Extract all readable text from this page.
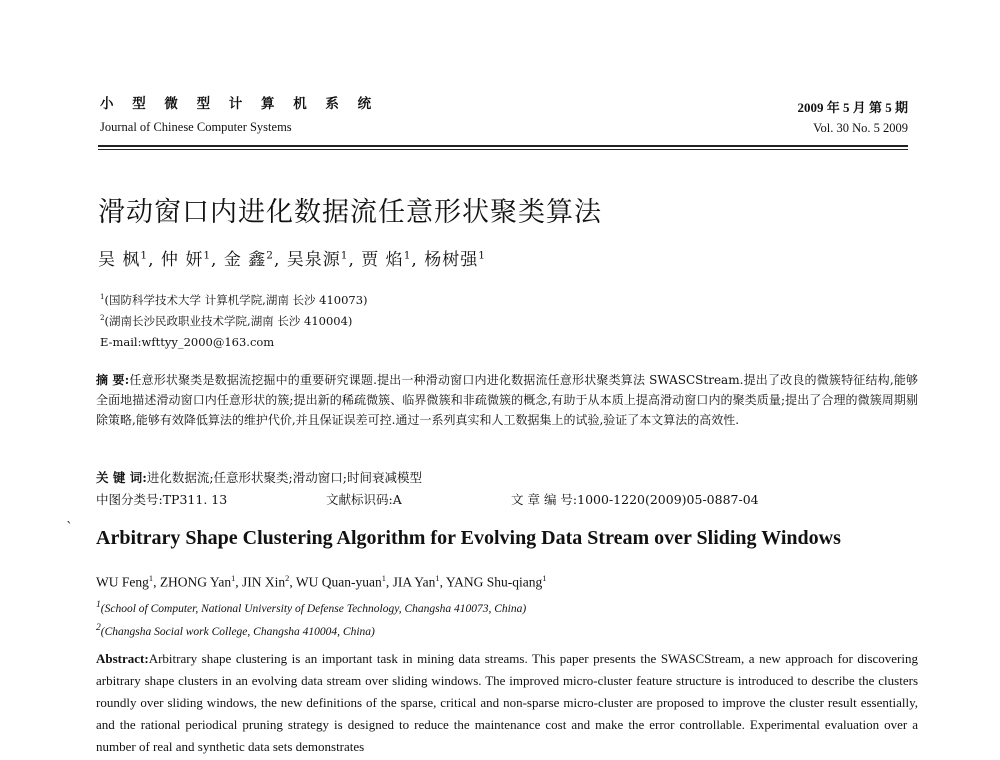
小 型 微 型 计 算 机 系 统
Journal of Chinese Computer Systems
2009 年 5 月 第 5 期
Vol. 30 No. 5 2009
滑动窗口内进化数据流任意形状聚类算法
吴 枫$^1$, 仲 妍$^1$, 金 鑫$^2$, 吴泉源$^1$, 贾 焰$^1$, 杨树强$^1$
$^1$(国防科学技术大学 计算机学院,湖南 长沙 410073)
$^2$(湖南长沙民政职业技术学院,湖南 长沙 410004)
E-mail:wfttyy_2000@163.com
摘 要:任意形状聚类是数据流挖掘中的重要研究课题.提出一种滑动窗口内进化数据流任意形状聚类算法 SWASCStream.提出了改良的微簇特征结构,能够全面地描述滑动窗口内任意形状的簇;提出新的稀疏微簇、临界微簇和非疏微簇的概念,有助于从本质上提高滑动窗口内的聚类质量;提出了合理的微簇周期剔除策略,能够有效降低算法的维护代价,并且保证误差可控.通过一系列真实和人工数据集上的试验,验证了本文算法的高效性.
关 键 词:进化数据流;任意形状聚类;滑动窗口;时间衰减模型
中图分类号:TP311. 13	文献标识码:A	文 章 编 号:1000-1220(2009)05-0887-04
` Arbitrary Shape Clustering Algorithm for Evolving Data Stream over Sliding Windows
WU Feng$^1$, ZHONG Yan$^1$, JIN Xin$^2$, WU Quan-yuan$^1$, JIA Yan$^1$, YANG Shu-qiang$^1$
$^1$(School of Computer, National University of Defense Technology, Changsha 410073, China)
$^2$(Changsha Social work College, Changsha 410004, China)
Abstract:Arbitrary shape clustering is an important task in mining data streams. This paper presents the SWASCStream, a new approach for discovering arbitrary shape clusters in an evolving data stream over sliding windows. The improved micro-cluster feature structure is introduced to describe the clusters roundly over sliding windows, the new definitions of the sparse, critical and non-sparse micro-cluster are proposed to improve the cluster result essentially, and the rational periodical pruning strategy is designed to reduce the maintenance cost and make the error controllable. Experimental evaluation over a number of real and synthetic data sets demonstrates
